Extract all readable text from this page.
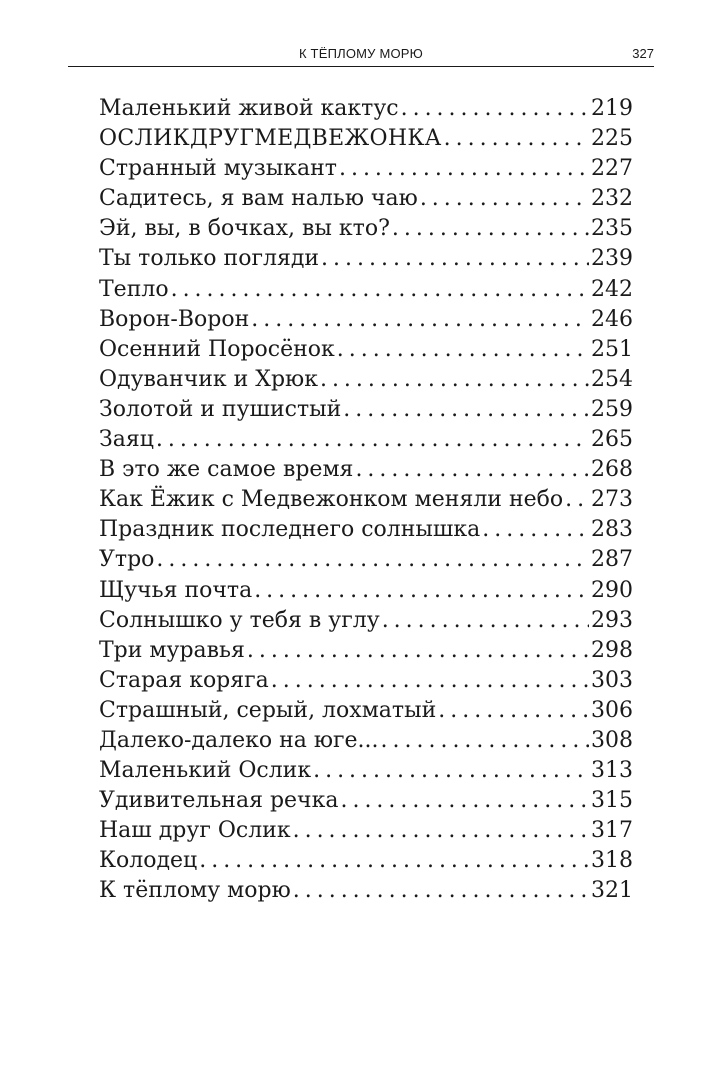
К ТЁПЛОМУ МОРЮ	327
Маленький живой кактус . . .	219
ОСЛИКДРУГМЕДВЕЖОНКА . . .	225
Странный музыкант . . .	227
Садитесь, я вам налью чаю . . .	232
Эй, вы, в бочках, вы кто? . . .	235
Ты только погляди . . .	239
Тепло . . .	242
Ворон-Ворон . . .	246
Осенний Поросёнок . . .	251
Одуванчик и Хрюк . . .	254
Золотой и пушистый . . .	259
Заяц . . .	265
В это же самое время . . .	268
Как Ёжик с Медвежонком меняли небо . . . 273
Праздник последнего солнышка . . .	283
Утро . . .	287
Щучья почта . . .	290
Солнышко у тебя в углу . . .	293
Три муравья . . .	298
Старая коряга . . .	303
Страшный, серый, лохматый . . .	306
Далеко-далеко на юге... . . .	308
Маленький Ослик . . .	313
Удивительная речка . . .	315
Наш друг Ослик . . .	317
Колодец . . .	318
К тёплому морю . . .	321
